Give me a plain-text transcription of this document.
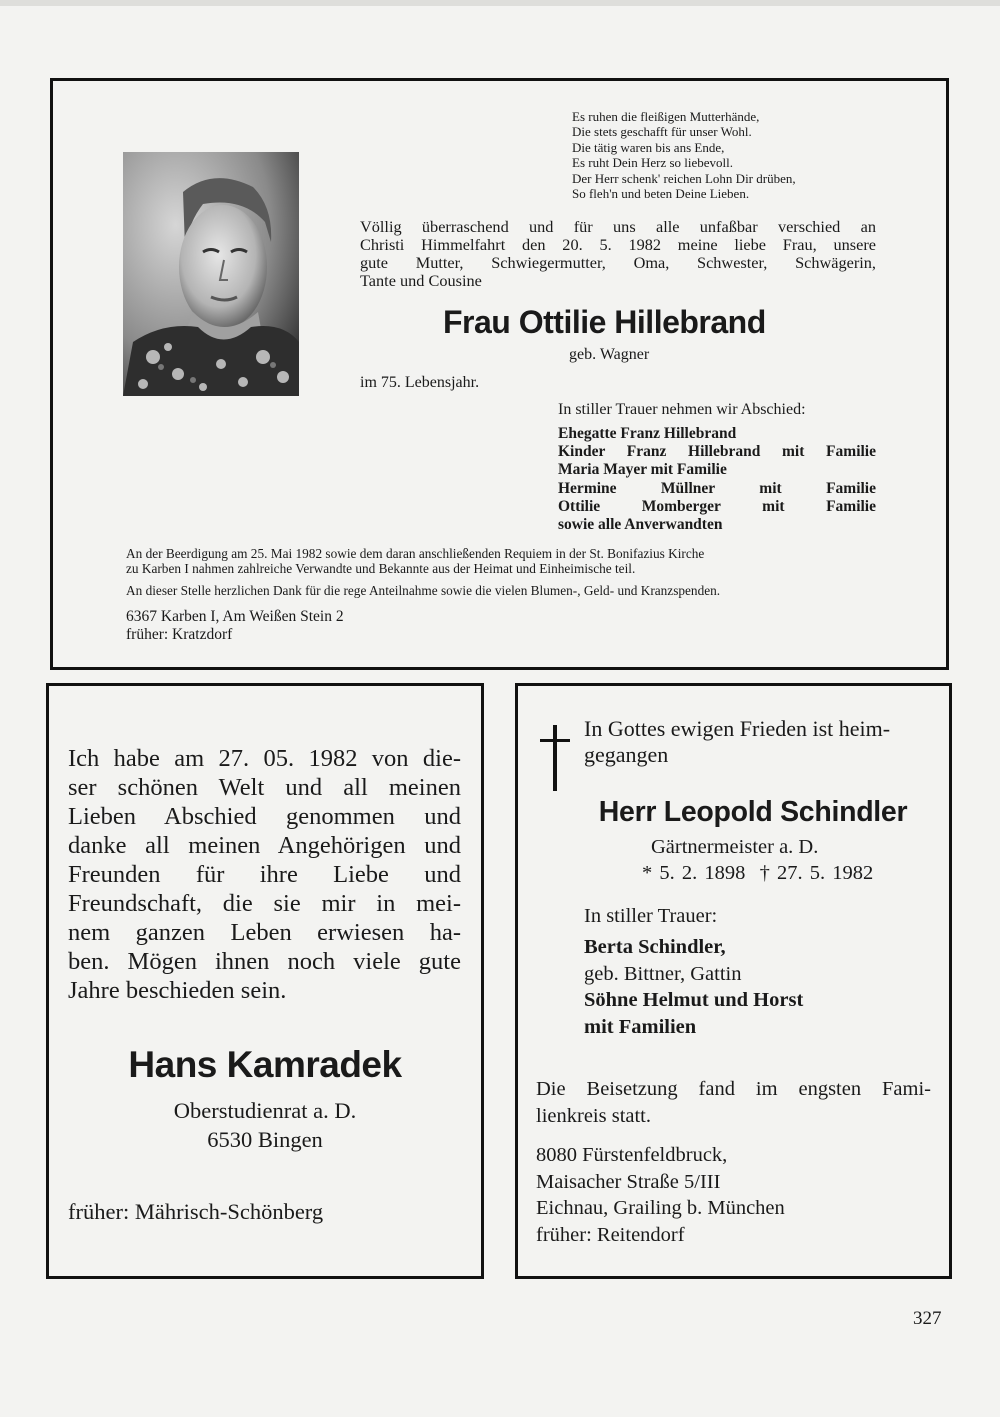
Es ruhen die fleißigen Mutterhände,
Die stets geschafft für unser Wohl.
Die tätig waren bis ans Ende,
Es ruht Dein Herz so liebevoll.
Der Herr schenk' reichen Lohn Dir drüben,
So fleh'n und beten Deine Lieben.
Völlig überraschend und für uns alle unfaßbar verschied an
Christi Himmelfahrt den 20. 5. 1982 meine liebe Frau, unsere
gute Mutter, Schwiegermutter, Oma, Schwester, Schwägerin,
Tante und Cousine
Frau Ottilie Hillebrand
geb. Wagner
im 75. Lebensjahr.
In stiller Trauer nehmen wir Abschied:
Ehegatte Franz Hillebrand
Kinder Franz Hillebrand mit Familie
Maria Mayer mit Familie
Hermine Müllner mit Familie
Ottilie Momberger mit Familie
sowie alle Anverwandten
An der Beerdigung am 25. Mai 1982 sowie dem daran anschließenden Requiem in der St. Bonifazius Kirche
zu Karben I nahmen zahlreiche Verwandte und Bekannte aus der Heimat und Einheimische teil.
An dieser Stelle herzlichen Dank für die rege Anteilnahme sowie die vielen Blumen-, Geld- und Kranzspenden.
6367 Karben I, Am Weißen Stein 2
früher: Kratzdorf
Ich habe am 27. 05. 1982 von die-
ser schönen Welt und all meinen
Lieben Abschied genommen und
danke all meinen Angehörigen und
Freunden für ihre Liebe und
Freundschaft, die sie mir in mei-
nem ganzen Leben erwiesen ha-
ben. Mögen ihnen noch viele gute
Jahre beschieden sein.
Hans Kamradek
Oberstudienrat a. D.
6530 Bingen
früher: Mährisch-Schönberg
In Gottes ewigen Frieden ist heim-
gegangen
Herr Leopold Schindler
Gärtnermeister a. D.
* 5. 2. 1898  † 27. 5. 1982
In stiller Trauer:
Berta Schindler,
geb. Bittner, Gattin
Söhne Helmut und Horst
mit Familien
Die Beisetzung fand im engsten Fami-
lienkreis statt.
8080 Fürstenfeldbruck,
Maisacher Straße 5/III
Eichnau, Grailing b. München
früher: Reitendorf
327
